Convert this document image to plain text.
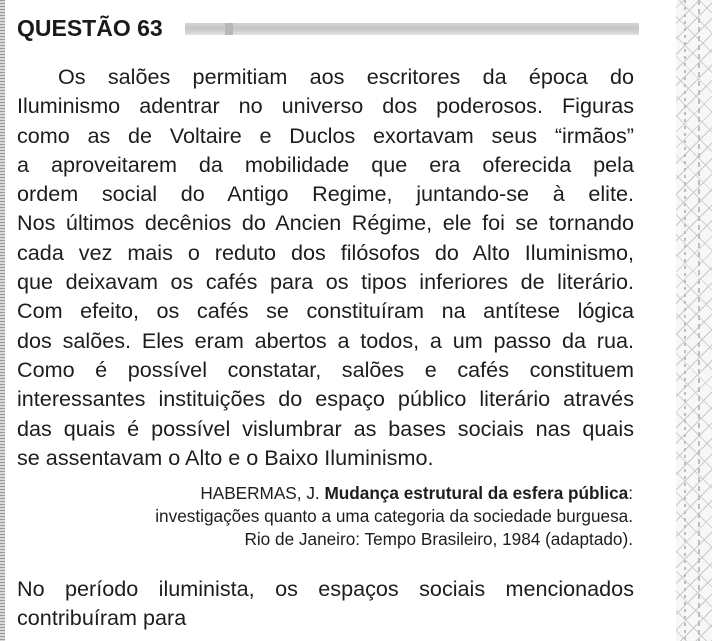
QUESTÃO 63
Os salões permitiam aos escritores da época do
Iluminismo adentrar no universo dos poderosos. Figuras
como as de Voltaire e Duclos exortavam seus “irmãos”
a aproveitarem da mobilidade que era oferecida pela
ordem social do Antigo Regime, juntando-se à elite.
Nos últimos decênios do Ancien Régime, ele foi se tornando
cada vez mais o reduto dos filósofos do Alto Iluminismo,
que deixavam os cafés para os tipos inferiores de literário.
Com efeito, os cafés se constituíram na antítese lógica
dos salões. Eles eram abertos a todos, a um passo da rua.
Como é possível constatar, salões e cafés constituem
interessantes instituições do espaço público literário através
das quais é possível vislumbrar as bases sociais nas quais
se assentavam o Alto e o Baixo Iluminismo.
HABERMAS, J. Mudança estrutural da esfera pública:
investigações quanto a uma categoria da sociedade burguesa.
Rio de Janeiro: Tempo Brasileiro, 1984 (adaptado).
No período iluminista, os espaços sociais mencionados
contribuíram para
